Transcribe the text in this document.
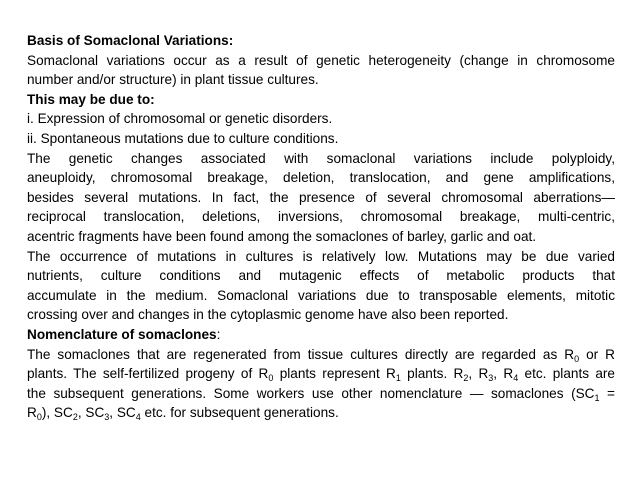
Basis of Somaclonal Variations:
Somaclonal variations occur as a result of genetic heterogeneity (change in chromosome
number and/or structure) in plant tissue cultures.
This may be due to:
i. Expression of chromosomal or genetic disorders.
ii. Spontaneous mutations due to culture conditions.
The genetic changes associated with somaclonal variations include polyploidy,
aneuploidy, chromosomal breakage, deletion, translocation, and gene amplifications,
besides several mutations. In fact, the presence of several chromosomal aberrations—
reciprocal translocation, deletions, inversions, chromosomal breakage, multi-centric,
acentric fragments have been found among the somaclones of barley, garlic and oat.
The occurrence of mutations in cultures is relatively low. Mutations may be due varied
nutrients, culture conditions and mutagenic effects of metabolic products that
accumulate in the medium. Somaclonal variations due to transposable elements, mitotic
crossing over and changes in the cytoplasmic genome have also been reported.
Nomenclature of somaclones:
The somaclones that are regenerated from tissue cultures directly are regarded as $R_0$ or R
plants. The self-fertilized progeny of $R_0$ plants represent $R_1$ plants. $R_2$, $R_3$, $R_4$ etc. plants are
the subsequent generations. Some workers use other nomenclature — somaclones ($SC_1$ =
$R_0$), $SC_2$, $SC_3$, $SC_4$ etc. for subsequent generations.
